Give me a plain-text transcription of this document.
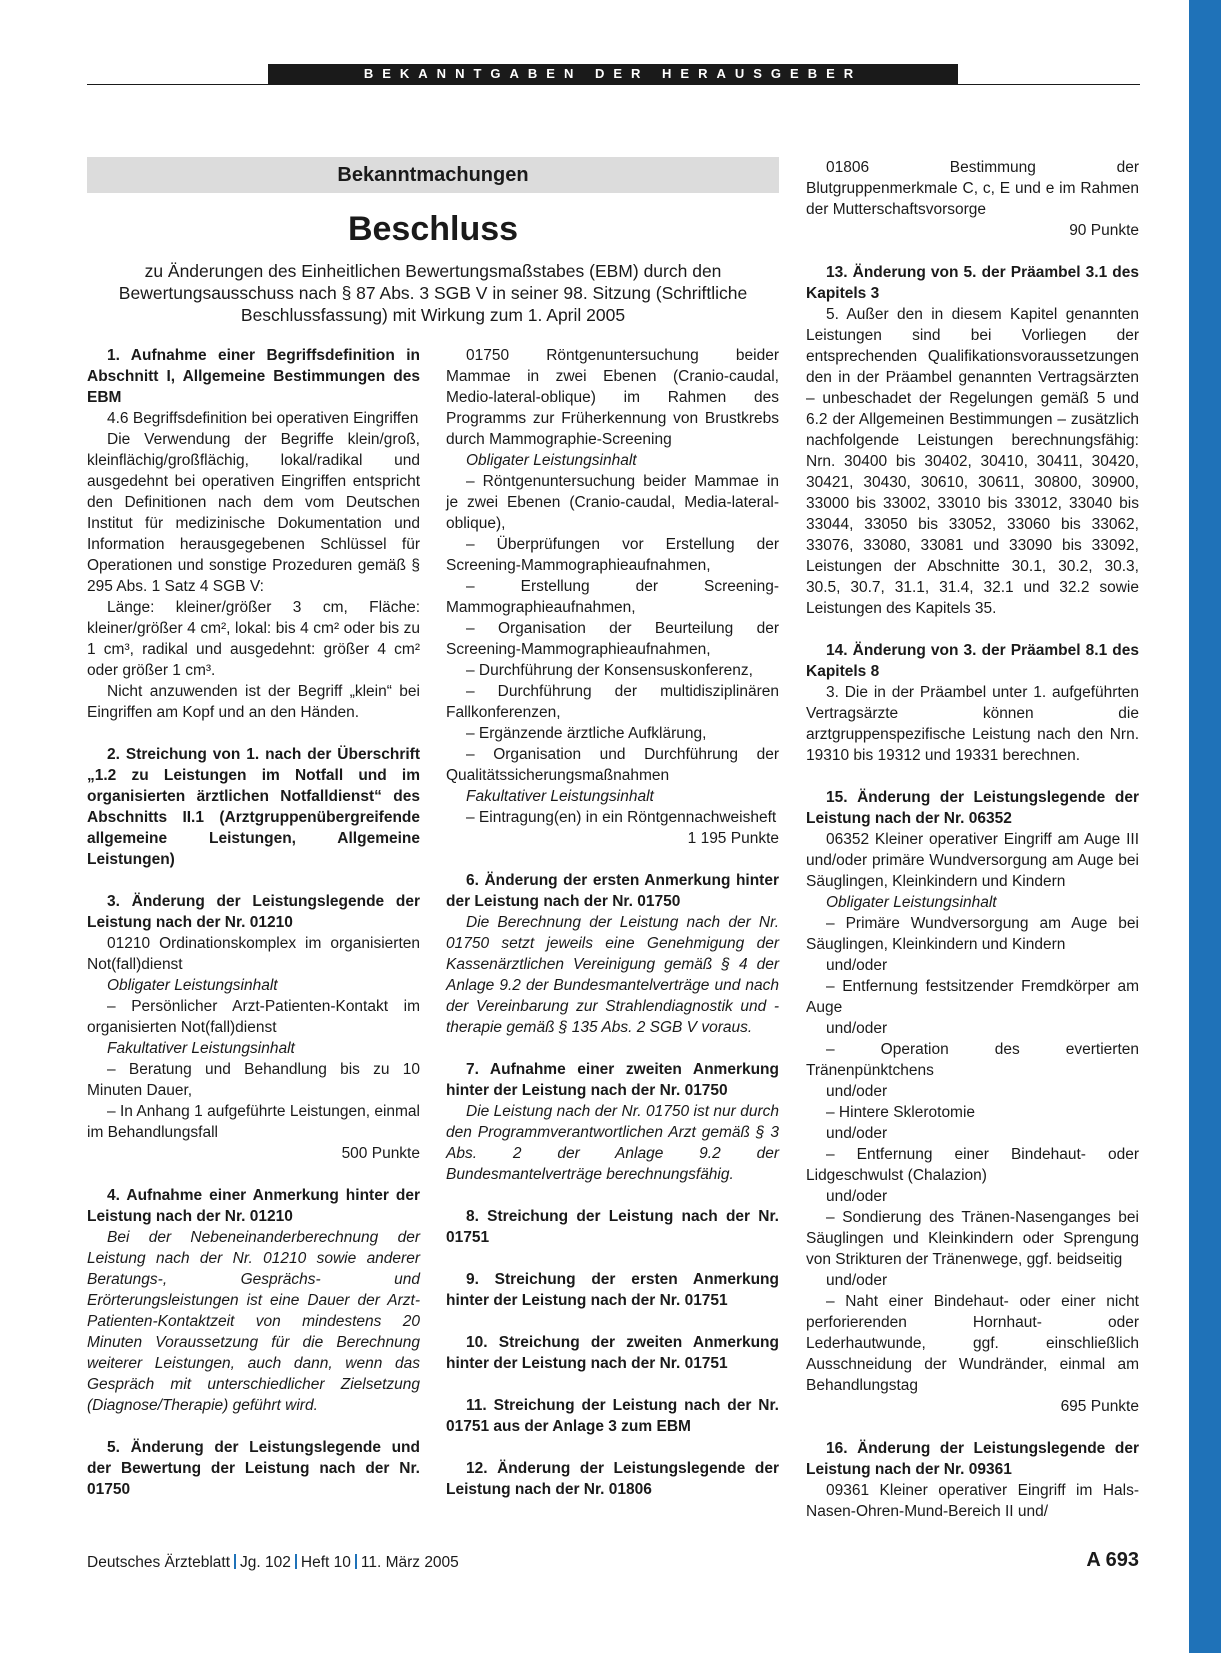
BEKANNTGABEN DER HERAUSGEBER
Bekanntmachungen
Beschluss
zu Änderungen des Einheitlichen Bewertungsmaßstabes (EBM) durch den
Bewertungsausschuss nach § 87 Abs. 3 SGB V in seiner 98. Sitzung (Schriftliche
Beschlussfassung) mit Wirkung zum 1. April 2005

1. Aufnahme einer Begriffsdefinition in Abschnitt I, Allgemeine Bestimmungen des EBM

4.6 Begriffsdefinition bei operativen Eingriffen

Die Verwendung der Begriffe klein/groß, kleinflächig/großflächig, lokal/radikal und ausgedehnt bei operativen Eingriffen entspricht den Definitionen nach dem vom Deutschen Institut für medizinische Dokumentation und Information herausgegebenen Schlüssel für Operationen und sonstige Prozeduren gemäß § 295 Abs. 1 Satz 4 SGB V:

Länge: kleiner/größer 3 cm, Fläche: kleiner/größer 4 cm², lokal: bis 4 cm² oder bis zu 1 cm³, radikal und ausgedehnt: größer 4 cm² oder größer 1 cm³.

Nicht anzuwenden ist der Begriff „klein“ bei Eingriffen am Kopf und an den Händen.

2. Streichung von 1. nach der Überschrift „1.2 zu Leistungen im Notfall und im organisierten ärztlichen Notfalldienst“ des Abschnitts II.1 (Arztgruppenübergreifende allgemeine Leistungen, Allgemeine Leistungen)

3. Änderung der Leistungslegende der Leistung nach der Nr. 01210

01210 Ordinationskomplex im organisierten Not(fall)dienst

Obligater Leistungsinhalt

– Persönlicher Arzt-Patienten-Kontakt im organisierten Not(fall)dienst

Fakultativer Leistungsinhalt

– Beratung und Behandlung bis zu 10 Minuten Dauer,

– In Anhang 1 aufgeführte Leistungen, einmal im Behandlungsfall

500 Punkte

4. Aufnahme einer Anmerkung hinter der Leistung nach der Nr. 01210

Bei der Nebeneinanderberechnung der Leistung nach der Nr. 01210 sowie anderer Beratungs-, Gesprächs- und Erörterungsleistungen ist eine Dauer der Arzt-Patienten-Kontaktzeit von mindestens 20 Minuten Voraussetzung für die Berechnung weiterer Leistungen, auch dann, wenn das Gespräch mit unterschiedlicher Zielsetzung (Diagnose/Therapie) geführt wird.

5. Änderung der Leistungslegende und der Bewertung der Leistung nach der Nr. 01750

01750 Röntgenuntersuchung beider Mammae in zwei Ebenen (Cranio-caudal, Medio-lateral-oblique) im Rahmen des Programms zur Früherkennung von Brustkrebs durch Mammographie-Screening

Obligater Leistungsinhalt

– Röntgenuntersuchung beider Mammae in je zwei Ebenen (Cranio-caudal, Media-lateral-oblique),

– Überprüfungen vor Erstellung der Screening-Mammographieaufnahmen,

– Erstellung der Screening-Mammographieaufnahmen,

– Organisation der Beurteilung der Screening-Mammographieaufnahmen,

– Durchführung der Konsensuskonferenz,

– Durchführung der multidisziplinären Fallkonferenzen,

– Ergänzende ärztliche Aufklärung,

– Organisation und Durchführung der Qualitätssicherungsmaßnahmen

Fakultativer Leistungsinhalt

– Eintragung(en) in ein Röntgennachweisheft

1 195 Punkte

6. Änderung der ersten Anmerkung hinter der Leistung nach der Nr. 01750

Die Berechnung der Leistung nach der Nr. 01750 setzt jeweils eine Genehmigung der Kassenärztlichen Vereinigung gemäß § 4 der Anlage 9.2 der Bundesmantelverträge und nach der Vereinbarung zur Strahlendiagnostik und -therapie gemäß § 135 Abs. 2 SGB V voraus.

7. Aufnahme einer zweiten Anmerkung hinter der Leistung nach der Nr. 01750

Die Leistung nach der Nr. 01750 ist nur durch den Programmverantwortlichen Arzt gemäß § 3 Abs. 2 der Anlage 9.2 der Bundesmantelverträge berechnungsfähig.

8. Streichung der Leistung nach der Nr. 01751

9. Streichung der ersten Anmerkung hinter der Leistung nach der Nr. 01751

10. Streichung der zweiten Anmerkung hinter der Leistung nach der Nr. 01751

11. Streichung der Leistung nach der Nr. 01751 aus der Anlage 3 zum EBM

12. Änderung der Leistungslegende der Leistung nach der Nr. 01806

01806 Bestimmung der Blutgruppenmerkmale C, c, E und e im Rahmen der Mutterschaftsvorsorge

90 Punkte

13. Änderung von 5. der Präambel 3.1 des Kapitels 3

5. Außer den in diesem Kapitel genannten Leistungen sind bei Vorliegen der entsprechenden Qualifikationsvoraussetzungen den in der Präambel genannten Vertragsärzten – unbeschadet der Regelungen gemäß 5 und 6.2 der Allgemeinen Bestimmungen – zusätzlich nachfolgende Leistungen berechnungsfähig: Nrn. 30400 bis 30402, 30410, 30411, 30420, 30421, 30430, 30610, 30611, 30800, 30900, 33000 bis 33002, 33010 bis 33012, 33040 bis 33044, 33050 bis 33052, 33060 bis 33062, 33076, 33080, 33081 und 33090 bis 33092, Leistungen der Abschnitte 30.1, 30.2, 30.3, 30.5, 30.7, 31.1, 31.4, 32.1 und 32.2 sowie Leistungen des Kapitels 35.

14. Änderung von 3. der Präambel 8.1 des Kapitels 8

3. Die in der Präambel unter 1. aufgeführten Vertragsärzte können die arztgruppenspezifische Leistung nach den Nrn. 19310 bis 19312 und 19331 berechnen.

15. Änderung der Leistungslegende der Leistung nach der Nr. 06352

06352 Kleiner operativer Eingriff am Auge III und/oder primäre Wundversorgung am Auge bei Säuglingen, Kleinkindern und Kindern

Obligater Leistungsinhalt

– Primäre Wundversorgung am Auge bei Säuglingen, Kleinkindern und Kindern

und/oder

– Entfernung festsitzender Fremdkörper am Auge

und/oder

– Operation des evertierten Tränenpünktchens

und/oder

– Hintere Sklerotomie

und/oder

– Entfernung einer Bindehaut- oder Lidgeschwulst (Chalazion)

und/oder

– Sondierung des Tränen-Nasenganges bei Säuglingen und Kleinkindern oder Sprengung von Strikturen der Tränenwege, ggf. beidseitig

und/oder

– Naht einer Bindehaut- oder einer nicht perforierenden Hornhaut- oder Lederhautwunde, ggf. einschließlich Ausschneidung der Wundränder, einmal am Behandlungstag

695 Punkte

16. Änderung der Leistungslegende der Leistung nach der Nr. 09361

09361 Kleiner operativer Eingriff im Hals-Nasen-Ohren-Mund-Bereich II und/

Deutsches Ärzteblatt Jg. 102 Heft 10 11. März 2005	A 693
